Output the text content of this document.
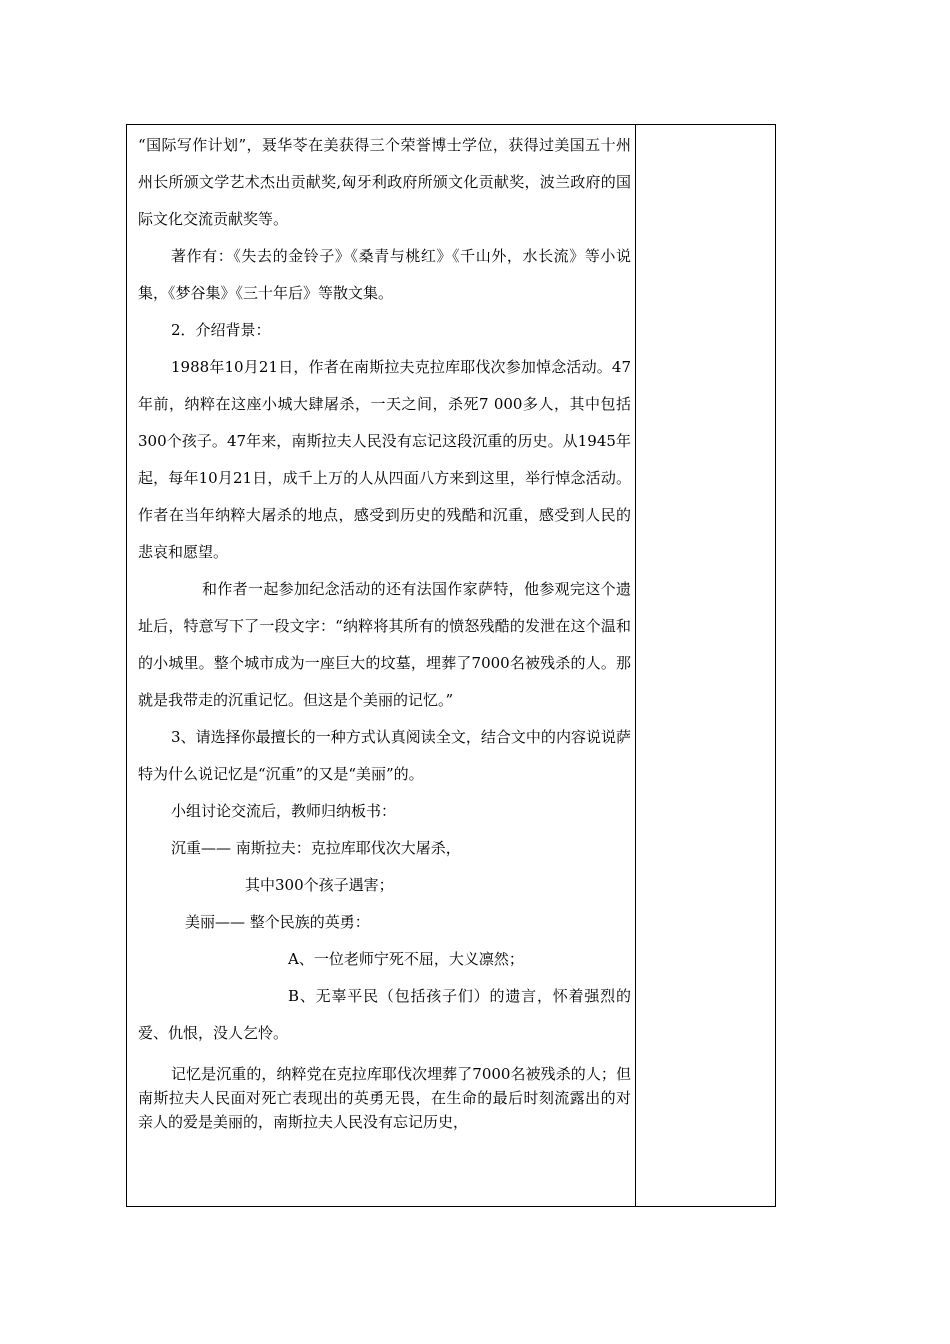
“国际写作计划”，聂华苓在美获得三个荣誉博士学位，获得过美国五十州州长所颁文学艺术杰出贡献奖,匈牙利政府所颁文化贡献奖，波兰政府的国际文化交流贡献奖等。

著作有：《失去的金铃子》《桑青与桃红》《千山外，水长流》等小说集，《梦谷集》《三十年后》等散文集。

2．介绍背景：

1988年10月21日，作者在南斯拉夫克拉库耶伐次参加悼念活动。47年前，纳粹在这座小城大肆屠杀，一天之间，杀死7 000多人，其中包括300个孩子。47年来，南斯拉夫人民没有忘记这段沉重的历史。从1945年起，每年10月21日，成千上万的人从四面八方来到这里，举行悼念活动。作者在当年纳粹大屠杀的地点，感受到历史的残酷和沉重，感受到人民的悲哀和愿望。

和作者一起参加纪念活动的还有法国作家萨特，他参观完这个遗址后，特意写下了一段文字：“纳粹将其所有的愤怒残酷的发泄在这个温和的小城里。整个城市成为一座巨大的坟墓，埋葬了7000名被残杀的人。那就是我带走的沉重记忆。但这是个美丽的记忆。”

3、请选择你最擅长的一种方式认真阅读全文，结合文中的内容说说萨特为什么说记忆是“沉重”的又是“美丽”的。

小组讨论交流后，教师归纳板书：

沉重—— 南斯拉夫：克拉库耶伐次大屠杀，

其中300个孩子遇害；

美丽—— 整个民族的英勇：

A、一位老师宁死不屈，大义凛然；

B、无辜平民（包括孩子们）的遗言，怀着强烈的爱、仇恨，没人乞怜。

记忆是沉重的，纳粹党在克拉库耶伐次埋葬了7000名被残杀的人；但南斯拉夫人民面对死亡表现出的英勇无畏，在生命的最后时刻流露出的对亲人的爱是美丽的，南斯拉夫人民没有忘记历史，
